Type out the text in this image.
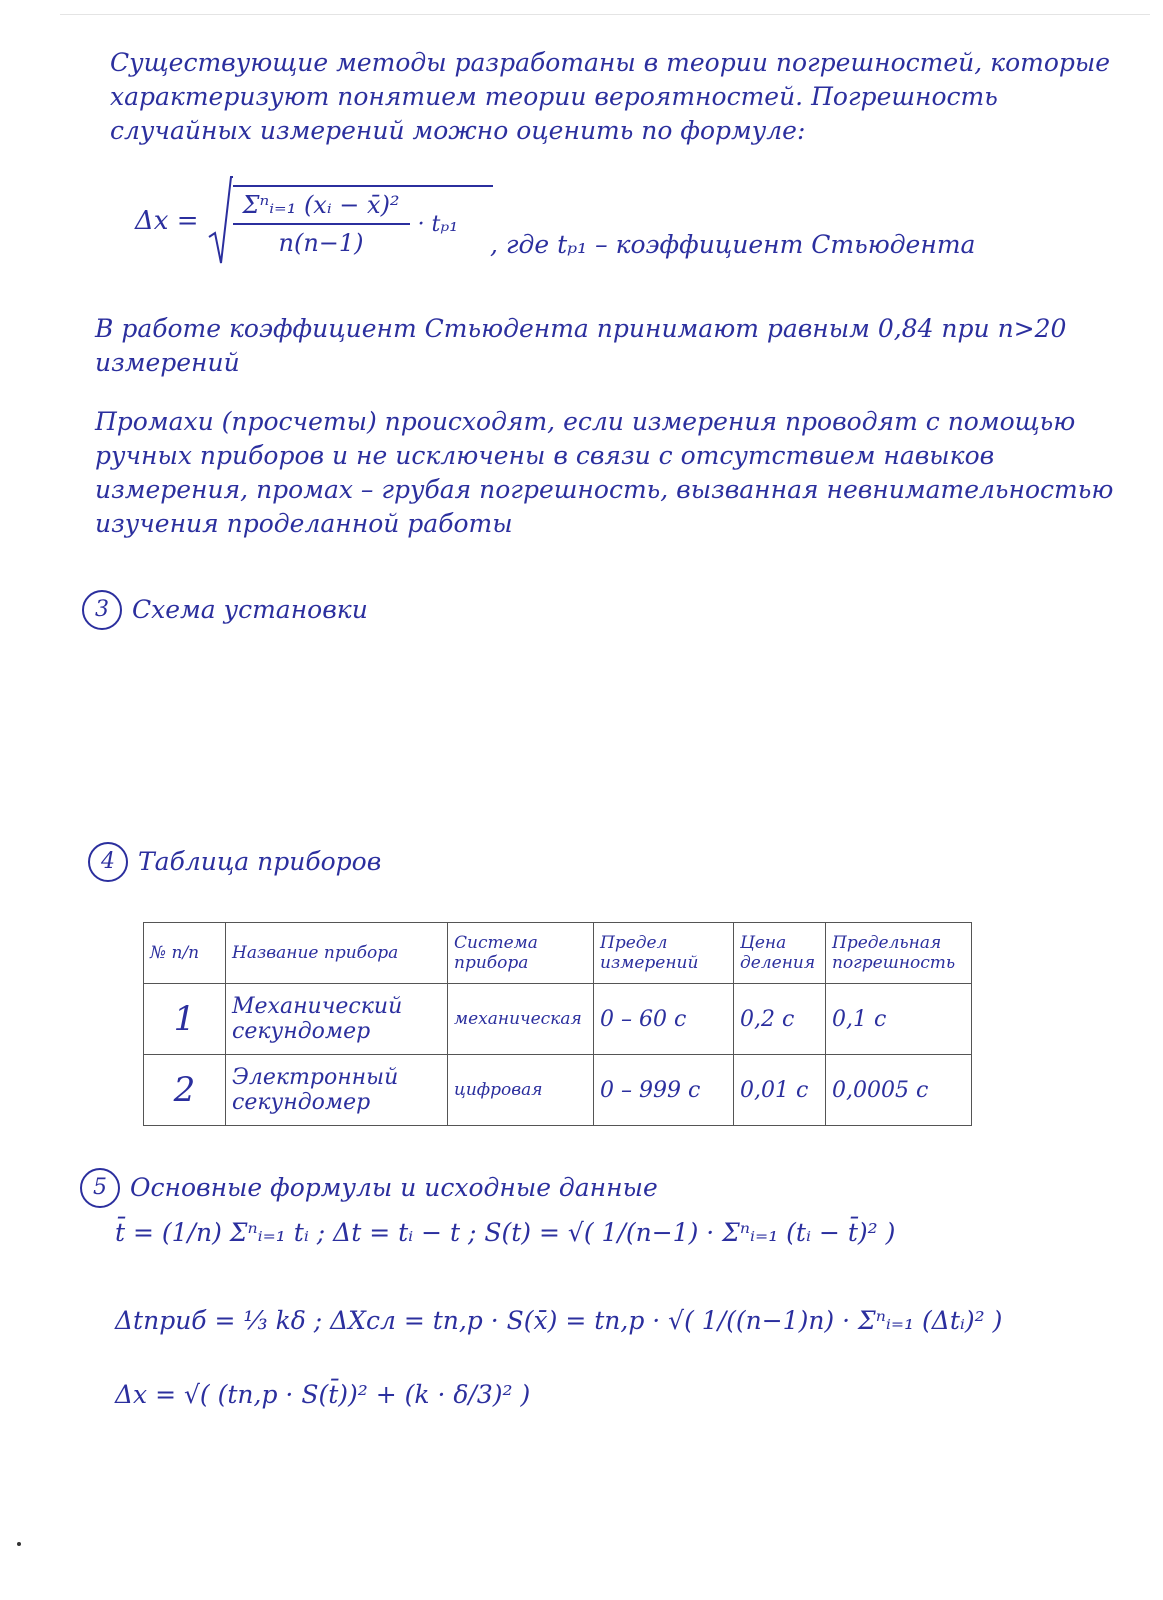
Существующие методы разработаны в теории погрешностей, которые характеризуют понятием теории вероятностей. Погрешность случайных измерений можно оценить по формуле:
$\Delta x = \frac{\text{Σⁿᵢ₌₁ (xᵢ − x̄)²}}{n(n-1)} \cdot t_{p1}$
, где tₚ₁ – коэффициент Стьюдента
В работе коэффициент Стьюдента принимают равным 0,84 при n>20 измерений
Промахи (просчеты) происходят, если измерения проводят с помощью ручных приборов и не исключены в связи с отсутствием навыков измерения, промах – грубая погрешность, вызванная невнимательностью изучения проделанной работы
3 Схема установки
4 Таблица приборов
№ п/п	Название прибора	Система прибора	Предел измерений	Цена деления	Предельная погрешность
1	Механический секундомер	механическая	0 – 60 с	0,2 с	0,1 с
2	Электронный секундомер	цифровая	0 – 999 с	0,01 с	0,0005 с
5 Основные формулы и исходные данные
t̄ = (1/n) Σⁿᵢ₌₁ tᵢ ; Δt = tᵢ − t ; S(t) = √( 1/(n−1) · Σⁿᵢ₌₁ (tᵢ − t̄)² )
Δtприб = ⅓ kδ ; ΔXсл = tn,p · S(x̄) = tn,p · √( 1/((n−1)n) · Σⁿᵢ₌₁ (Δtᵢ)² )
Δx = √( (tn,p · S(t̄))² + (k · δ/3)² )
